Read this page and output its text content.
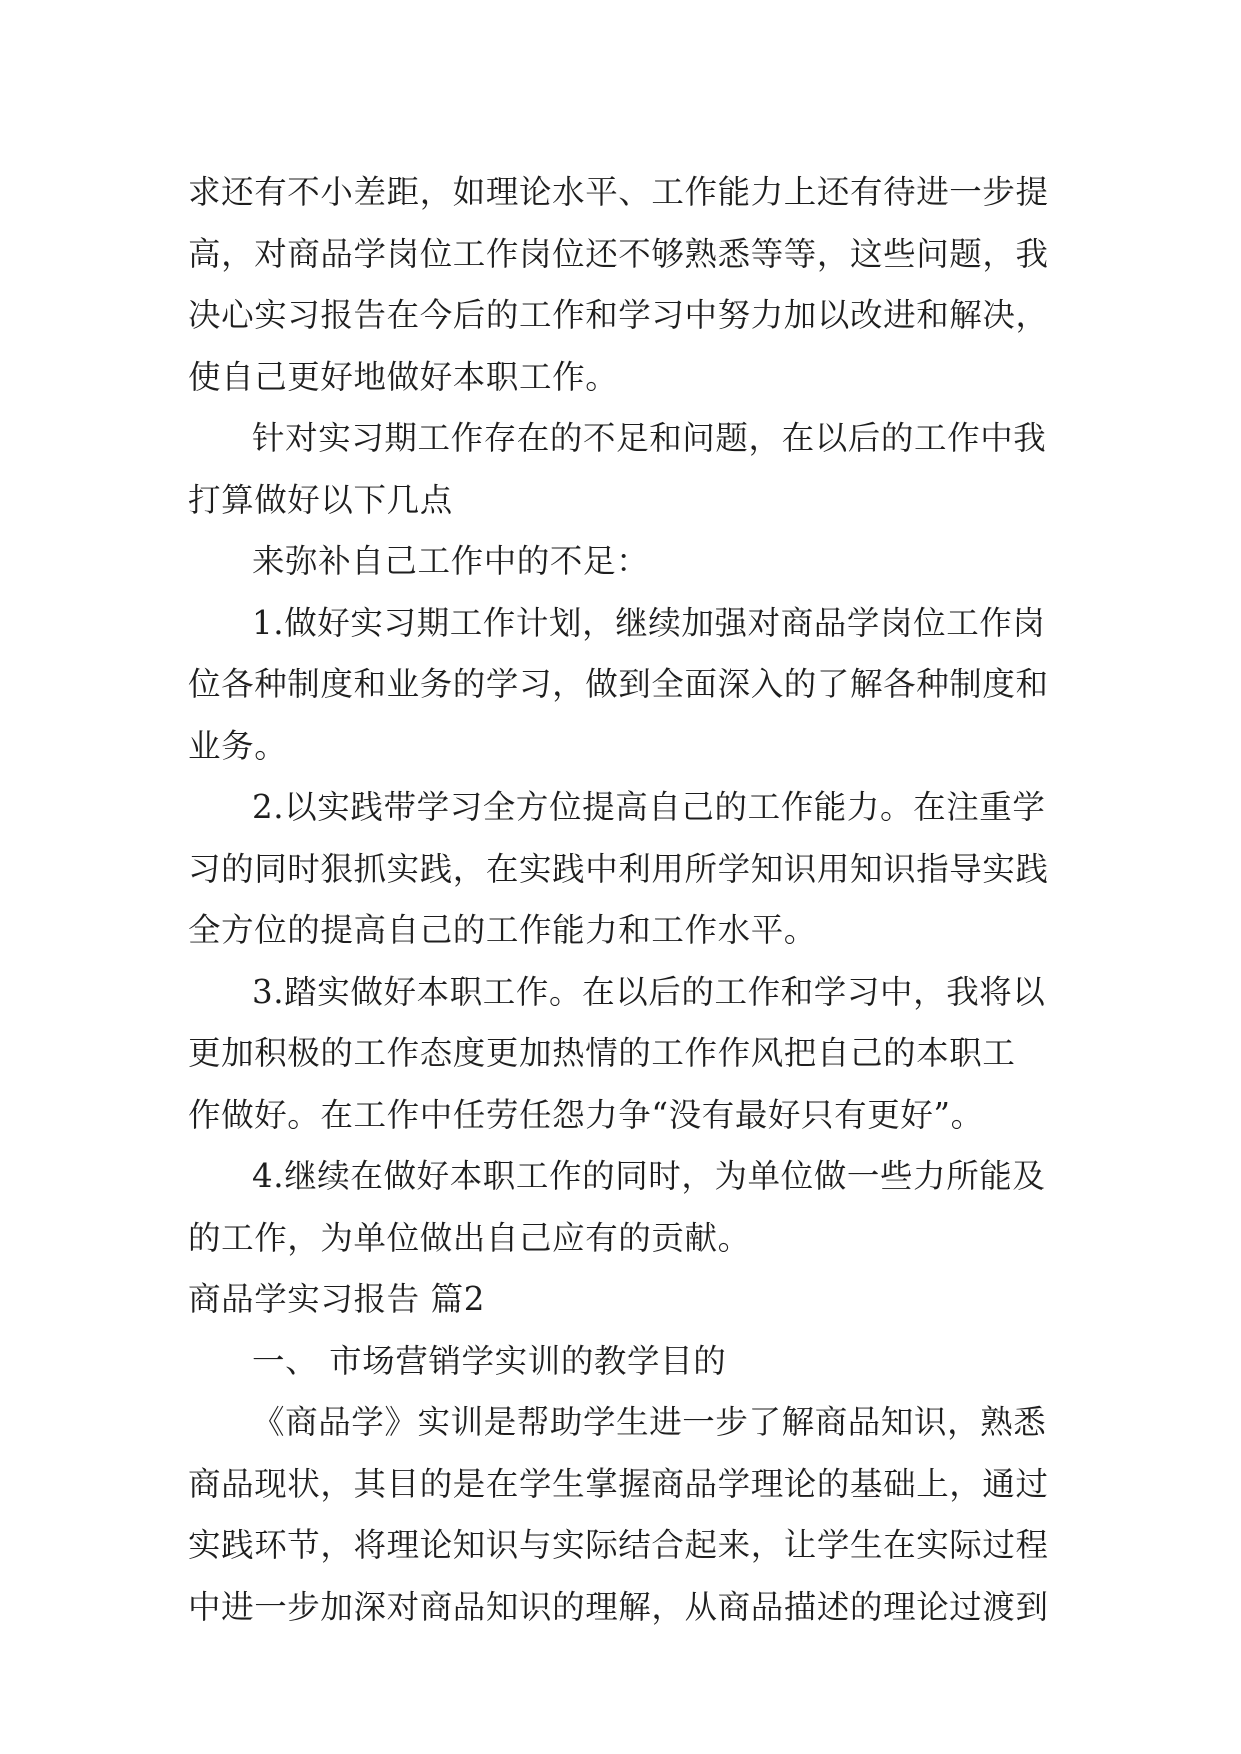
求还有不小差距，如理论水平、工作能力上还有待进一步提
高，对商品学岗位工作岗位还不够熟悉等等，这些问题，我
决心实习报告在今后的工作和学习中努力加以改进和解决，
使自己更好地做好本职工作。
针对实习期工作存在的不足和问题，在以后的工作中我
打算做好以下几点
来弥补自己工作中的不足：
1.做好实习期工作计划，继续加强对商品学岗位工作岗
位各种制度和业务的学习，做到全面深入的了解各种制度和
业务。
2.以实践带学习全方位提高自己的工作能力。在注重学
习的同时狠抓实践，在实践中利用所学知识用知识指导实践
全方位的提高自己的工作能力和工作水平。
3.踏实做好本职工作。在以后的工作和学习中，我将以
更加积极的工作态度更加热情的工作作风把自己的本职工
作做好。在工作中任劳任怨力争“没有最好只有更好”。
4.继续在做好本职工作的同时，为单位做一些力所能及
的工作，为单位做出自己应有的贡献。
商品学实习报告 篇2
一、 市场营销学实训的教学目的
《商品学》实训是帮助学生进一步了解商品知识，熟悉
商品现状，其目的是在学生掌握商品学理论的基础上，通过
实践环节，将理论知识与实际结合起来，让学生在实际过程
中进一步加深对商品知识的理解，从商品描述的理论过渡到
